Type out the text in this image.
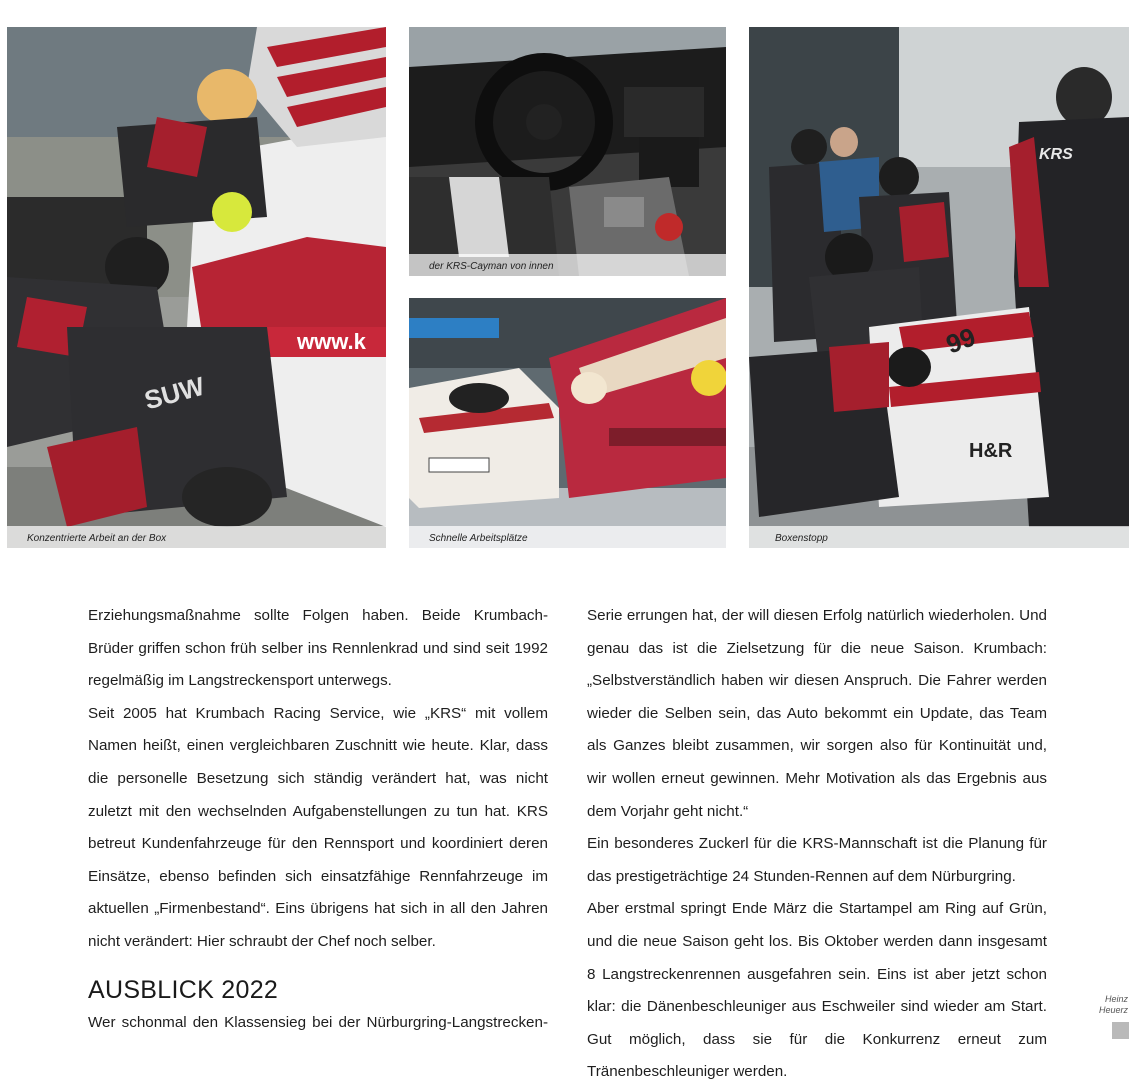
www.k
SUW
Konzentrierte Arbeit an der Box
der KRS-Cayman von innen
Schnelle Arbeitsplätze
KRS
99
H&R
Boxenstopp

Erziehungsmaßnahme sollte Folgen haben. Beide Krumbach-Brüder griffen schon früh selber ins Rennlenkrad und sind seit 1992 regelmäßig im Langstreckensport unterwegs.

Seit 2005 hat Krumbach Racing Service, wie „KRS“ mit vollem Namen heißt, einen vergleichbaren Zuschnitt wie heute. Klar, dass die personelle Besetzung sich ständig verändert hat, was nicht zuletzt mit den wechselnden Aufgabenstellungen zu tun hat. KRS betreut Kundenfahrzeuge für den Rennsport und koordiniert deren Einsätze, ebenso befinden sich einsatzfähige Rennfahrzeuge im aktuellen „Firmenbestand“. Eins übrigens hat sich in all den Jahren nicht verändert: Hier schraubt der Chef noch selber.

AUSBLICK 2022

Wer schonmal den Klassensieg bei der Nürburgring-Langstrecken-

Serie errungen hat, der will diesen Erfolg natürlich wiederholen. Und genau das ist die Zielsetzung für die neue Saison. Krumbach: „Selbstverständlich haben wir diesen Anspruch. Die Fahrer werden wieder die Selben sein, das Auto bekommt ein Update, das Team als Ganzes bleibt zusammen, wir sorgen also für Kontinuität und, wir wollen erneut gewinnen. Mehr Motivation als das Ergebnis aus dem Vorjahr geht nicht.“

Ein besonderes Zuckerl für die KRS-Mannschaft ist die Planung für das prestigeträchtige 24 Stunden-Rennen auf dem Nürburgring.

Aber erstmal springt Ende März die Startampel am Ring auf Grün, und die neue Saison geht los. Bis Oktober werden dann insgesamt 8 Langstreckenrennen ausgefahren sein. Eins ist aber jetzt schon klar: die Dänenbeschleuniger aus Eschweiler sind wieder am Start. Gut möglich, dass sie für die Konkurrenz erneut zum Tränenbeschleuniger werden.

Heinz
Heuerz
